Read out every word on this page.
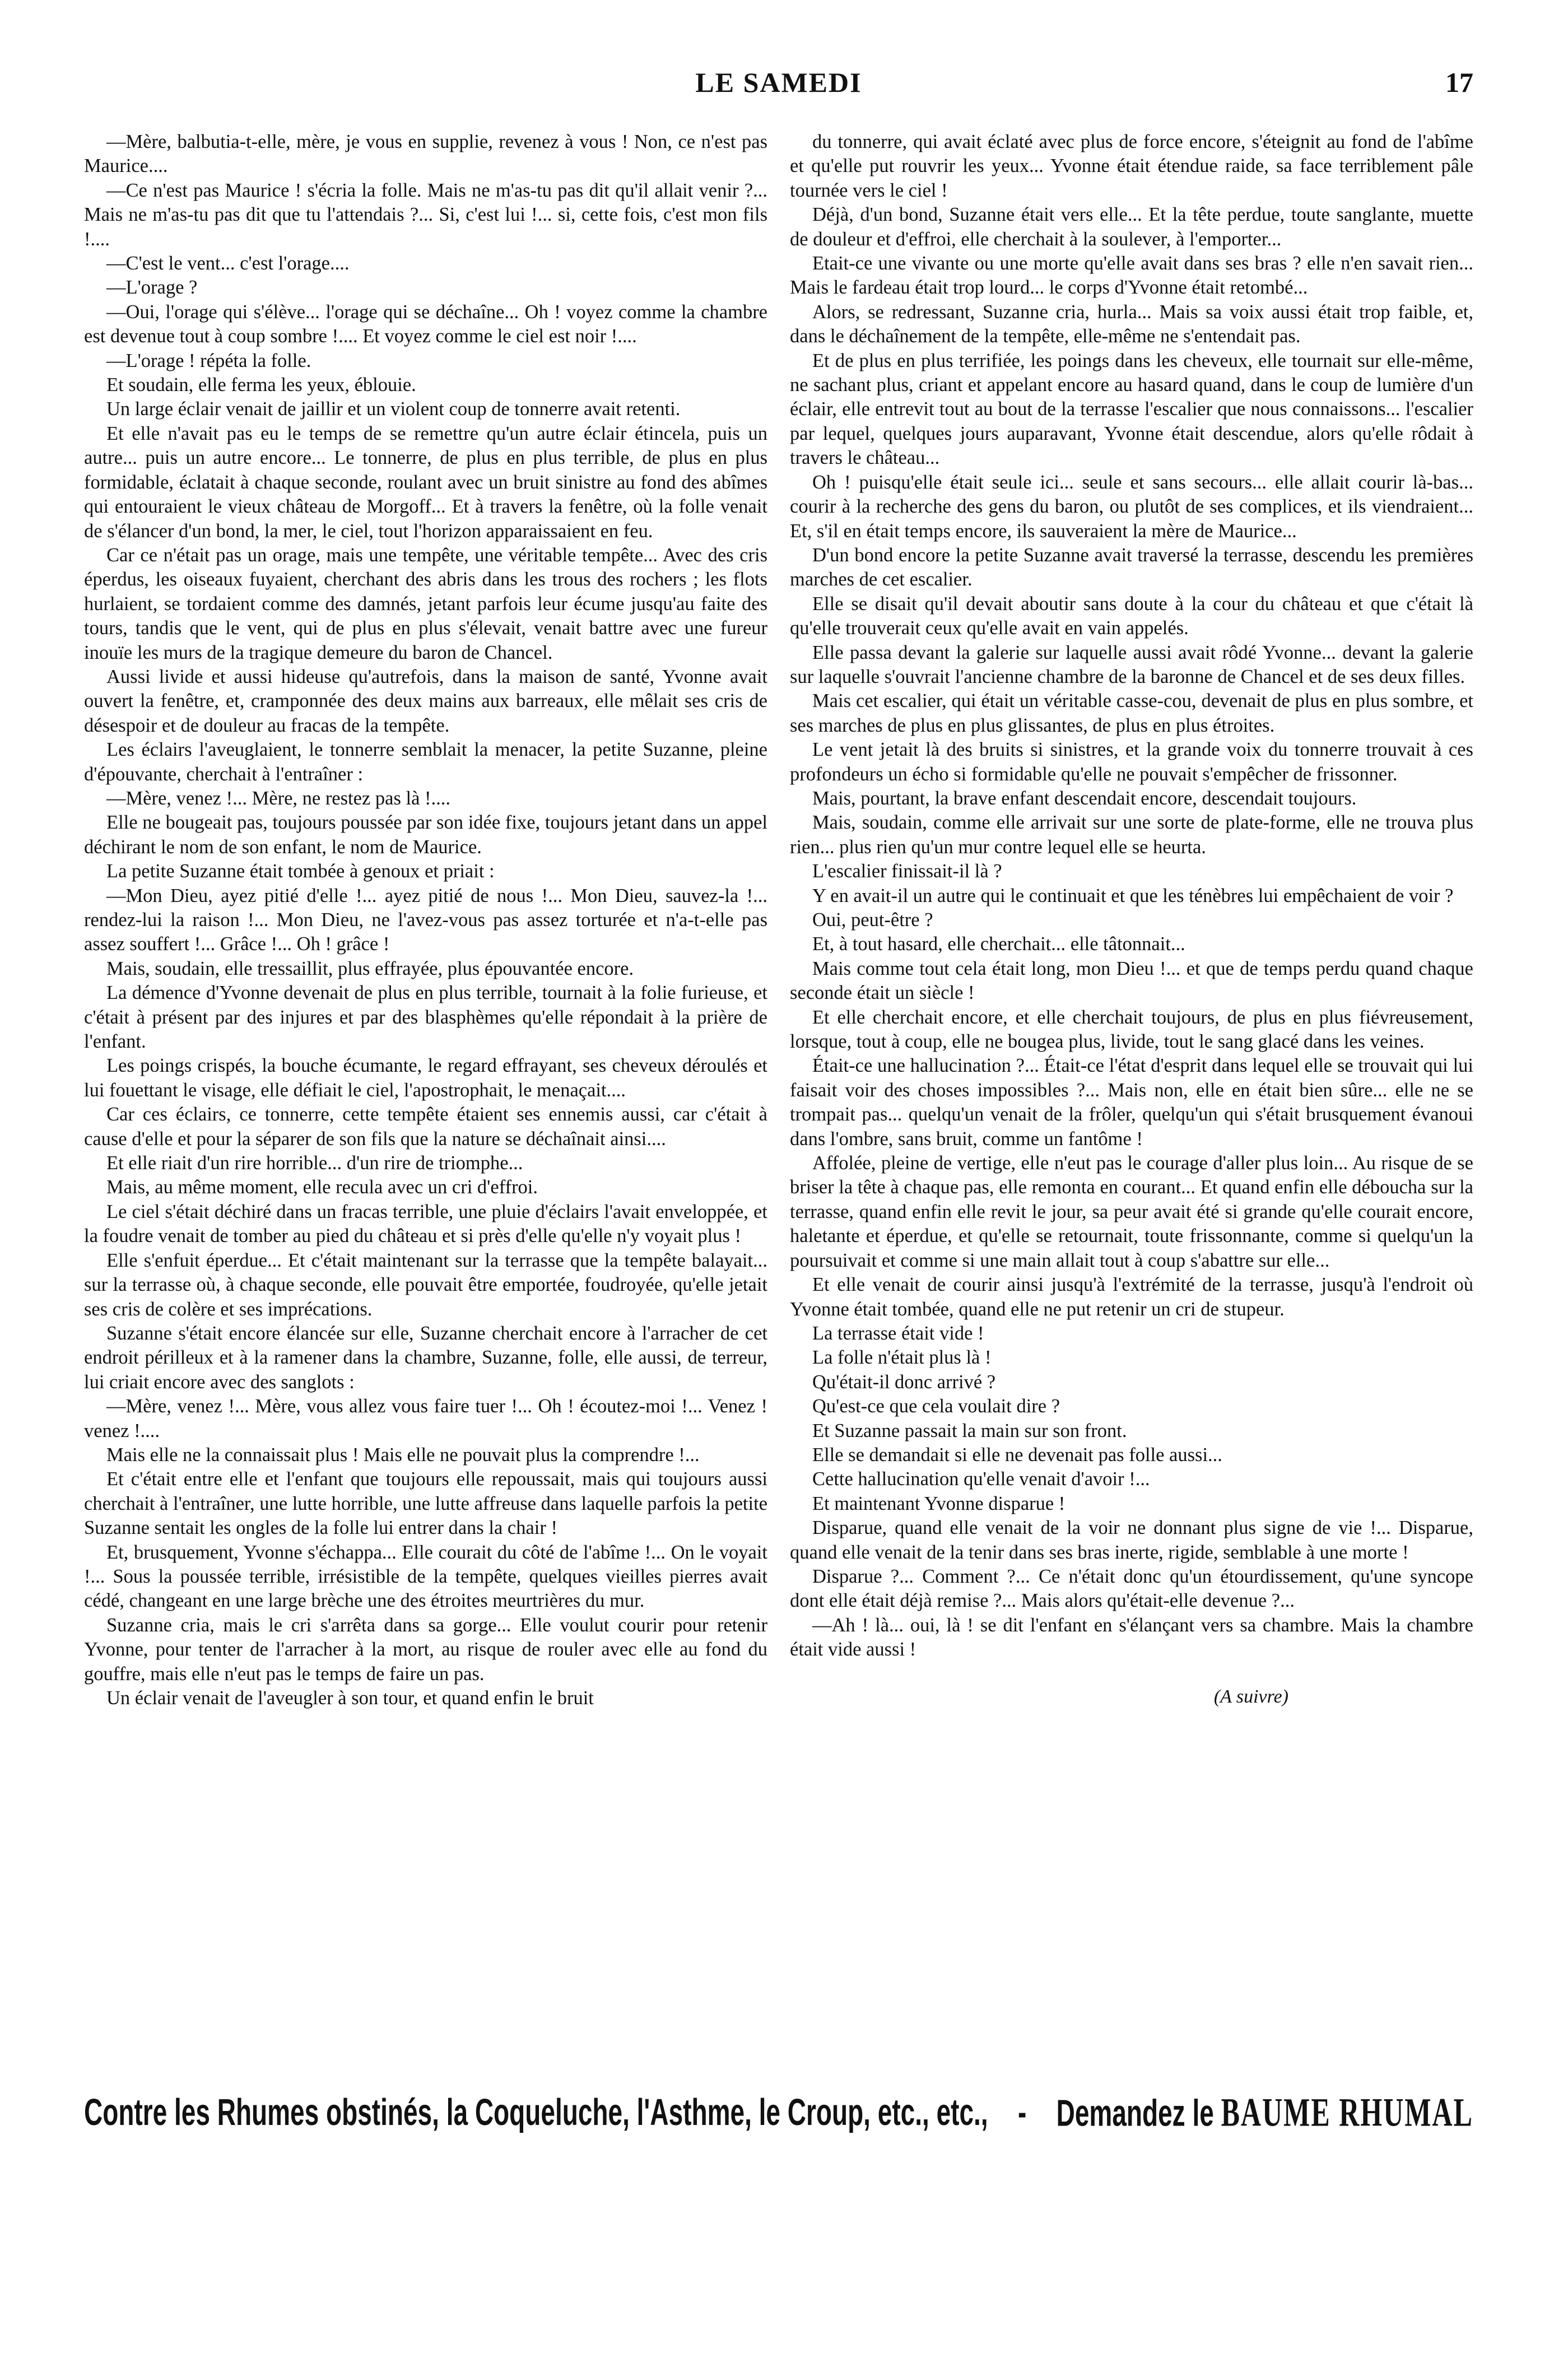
LE SAMEDI	17

—Mère, balbutia-t-elle, mère, je vous en supplie, revenez à vous ! Non, ce n'est pas Maurice....

—Ce n'est pas Maurice ! s'écria la folle. Mais ne m'as-tu pas dit qu'il allait venir ?... Mais ne m'as-tu pas dit que tu l'attendais ?... Si, c'est lui !... si, cette fois, c'est mon fils !....

—C'est le vent... c'est l'orage....

—L'orage ?

—Oui, l'orage qui s'élève... l'orage qui se déchaîne... Oh ! voyez comme la chambre est devenue tout à coup sombre !.... Et voyez comme le ciel est noir !....

—L'orage ! répéta la folle.

Et soudain, elle ferma les yeux, éblouie.

Un large éclair venait de jaillir et un violent coup de tonnerre avait retenti.

Et elle n'avait pas eu le temps de se remettre qu'un autre éclair étincela, puis un autre... puis un autre encore... Le tonnerre, de plus en plus terrible, de plus en plus formidable, éclatait à chaque seconde, roulant avec un bruit sinistre au fond des abîmes qui entouraient le vieux château de Morgoff... Et à travers la fenêtre, où la folle venait de s'élancer d'un bond, la mer, le ciel, tout l'horizon apparaissaient en feu.

Car ce n'était pas un orage, mais une tempête, une véritable tempête... Avec des cris éperdus, les oiseaux fuyaient, cherchant des abris dans les trous des rochers ; les flots hurlaient, se tordaient comme des damnés, jetant parfois leur écume jusqu'au faite des tours, tandis que le vent, qui de plus en plus s'élevait, venait battre avec une fureur inouïe les murs de la tragique demeure du baron de Chancel.

Aussi livide et aussi hideuse qu'autrefois, dans la maison de santé, Yvonne avait ouvert la fenêtre, et, cramponnée des deux mains aux barreaux, elle mêlait ses cris de désespoir et de douleur au fracas de la tempête.

Les éclairs l'aveuglaient, le tonnerre semblait la menacer, la petite Suzanne, pleine d'épouvante, cherchait à l'entraîner :

—Mère, venez !... Mère, ne restez pas là !....

Elle ne bougeait pas, toujours poussée par son idée fixe, toujours jetant dans un appel déchirant le nom de son enfant, le nom de Maurice.

La petite Suzanne était tombée à genoux et priait :

—Mon Dieu, ayez pitié d'elle !... ayez pitié de nous !... Mon Dieu, sauvez-la !... rendez-lui la raison !... Mon Dieu, ne l'avez-vous pas assez torturée et n'a-t-elle pas assez souffert !... Grâce !... Oh ! grâce !

Mais, soudain, elle tressaillit, plus effrayée, plus épouvantée encore.

La démence d'Yvonne devenait de plus en plus terrible, tournait à la folie furieuse, et c'était à présent par des injures et par des blasphèmes qu'elle répondait à la prière de l'enfant.

Les poings crispés, la bouche écumante, le regard effrayant, ses cheveux déroulés et lui fouettant le visage, elle défiait le ciel, l'apostrophait, le menaçait....

Car ces éclairs, ce tonnerre, cette tempête étaient ses ennemis aussi, car c'était à cause d'elle et pour la séparer de son fils que la nature se déchaînait ainsi....

Et elle riait d'un rire horrible... d'un rire de triomphe...

Mais, au même moment, elle recula avec un cri d'effroi.

Le ciel s'était déchiré dans un fracas terrible, une pluie d'éclairs l'avait enveloppée, et la foudre venait de tomber au pied du château et si près d'elle qu'elle n'y voyait plus !

Elle s'enfuit éperdue... Et c'était maintenant sur la terrasse que la tempête balayait... sur la terrasse où, à chaque seconde, elle pouvait être emportée, foudroyée, qu'elle jetait ses cris de colère et ses imprécations.

Suzanne s'était encore élancée sur elle, Suzanne cherchait encore à l'arracher de cet endroit périlleux et à la ramener dans la chambre, Suzanne, folle, elle aussi, de terreur, lui criait encore avec des sanglots :

—Mère, venez !... Mère, vous allez vous faire tuer !... Oh ! écoutez-moi !... Venez ! venez !....

Mais elle ne la connaissait plus ! Mais elle ne pouvait plus la comprendre !...

Et c'était entre elle et l'enfant que toujours elle repoussait, mais qui toujours aussi cherchait à l'entraîner, une lutte horrible, une lutte affreuse dans laquelle parfois la petite Suzanne sentait les ongles de la folle lui entrer dans la chair !

Et, brusquement, Yvonne s'échappa... Elle courait du côté de l'abîme !... On le voyait !... Sous la poussée terrible, irrésistible de la tempête, quelques vieilles pierres avait cédé, changeant en une large brèche une des étroites meurtrières du mur.

Suzanne cria, mais le cri s'arrêta dans sa gorge... Elle voulut courir pour retenir Yvonne, pour tenter de l'arracher à la mort, au risque de rouler avec elle au fond du gouffre, mais elle n'eut pas le temps de faire un pas.

Un éclair venait de l'aveugler à son tour, et quand enfin le bruit

du tonnerre, qui avait éclaté avec plus de force encore, s'éteignit au fond de l'abîme et qu'elle put rouvrir les yeux... Yvonne était étendue raide, sa face terriblement pâle tournée vers le ciel !

Déjà, d'un bond, Suzanne était vers elle... Et la tête perdue, toute sanglante, muette de douleur et d'effroi, elle cherchait à la soulever, à l'emporter...

Etait-ce une vivante ou une morte qu'elle avait dans ses bras ? elle n'en savait rien... Mais le fardeau était trop lourd... le corps d'Yvonne était retombé...

Alors, se redressant, Suzanne cria, hurla... Mais sa voix aussi était trop faible, et, dans le déchaînement de la tempête, elle-même ne s'entendait pas.

Et de plus en plus terrifiée, les poings dans les cheveux, elle tournait sur elle-même, ne sachant plus, criant et appelant encore au hasard quand, dans le coup de lumière d'un éclair, elle entrevit tout au bout de la terrasse l'escalier que nous connaissons... l'escalier par lequel, quelques jours auparavant, Yvonne était descendue, alors qu'elle rôdait à travers le château...

Oh ! puisqu'elle était seule ici... seule et sans secours... elle allait courir là-bas... courir à la recherche des gens du baron, ou plutôt de ses complices, et ils viendraient... Et, s'il en était temps encore, ils sauveraient la mère de Maurice...

D'un bond encore la petite Suzanne avait traversé la terrasse, descendu les premières marches de cet escalier.

Elle se disait qu'il devait aboutir sans doute à la cour du château et que c'était là qu'elle trouverait ceux qu'elle avait en vain appelés.

Elle passa devant la galerie sur laquelle aussi avait rôdé Yvonne... devant la galerie sur laquelle s'ouvrait l'ancienne chambre de la baronne de Chancel et de ses deux filles.

Mais cet escalier, qui était un véritable casse-cou, devenait de plus en plus sombre, et ses marches de plus en plus glissantes, de plus en plus étroites.

Le vent jetait là des bruits si sinistres, et la grande voix du tonnerre trouvait à ces profondeurs un écho si formidable qu'elle ne pouvait s'empêcher de frissonner.

Mais, pourtant, la brave enfant descendait encore, descendait toujours.

Mais, soudain, comme elle arrivait sur une sorte de plate-forme, elle ne trouva plus rien... plus rien qu'un mur contre lequel elle se heurta.

L'escalier finissait-il là ?

Y en avait-il un autre qui le continuait et que les ténèbres lui empêchaient de voir ?

Oui, peut-être ?

Et, à tout hasard, elle cherchait... elle tâtonnait...

Mais comme tout cela était long, mon Dieu !... et que de temps perdu quand chaque seconde était un siècle !

Et elle cherchait encore, et elle cherchait toujours, de plus en plus fiévreusement, lorsque, tout à coup, elle ne bougea plus, livide, tout le sang glacé dans les veines.

Était-ce une hallucination ?... Était-ce l'état d'esprit dans lequel elle se trouvait qui lui faisait voir des choses impossibles ?... Mais non, elle en était bien sûre... elle ne se trompait pas... quelqu'un venait de la frôler, quelqu'un qui s'était brusquement évanoui dans l'ombre, sans bruit, comme un fantôme !

Affolée, pleine de vertige, elle n'eut pas le courage d'aller plus loin... Au risque de se briser la tête à chaque pas, elle remonta en courant... Et quand enfin elle déboucha sur la terrasse, quand enfin elle revit le jour, sa peur avait été si grande qu'elle courait encore, haletante et éperdue, et qu'elle se retournait, toute frissonnante, comme si quelqu'un la poursuivait et comme si une main allait tout à coup s'abattre sur elle...

Et elle venait de courir ainsi jusqu'à l'extrémité de la terrasse, jusqu'à l'endroit où Yvonne était tombée, quand elle ne put retenir un cri de stupeur.

La terrasse était vide !

La folle n'était plus là !

Qu'était-il donc arrivé ?

Qu'est-ce que cela voulait dire ?

Et Suzanne passait la main sur son front.

Elle se demandait si elle ne devenait pas folle aussi...

Cette hallucination qu'elle venait d'avoir !...

Et maintenant Yvonne disparue !

Disparue, quand elle venait de la voir ne donnant plus signe de vie !... Disparue, quand elle venait de la tenir dans ses bras inerte, rigide, semblable à une morte !

Disparue ?... Comment ?... Ce n'était donc qu'un étourdissement, qu'une syncope dont elle était déjà remise ?... Mais alors qu'était-elle devenue ?...

—Ah ! là... oui, là ! se dit l'enfant en s'élançant vers sa chambre. Mais la chambre était vide aussi !

(A suivre)

Contre les Rhumes obstinés, la Coqueluche, l'Asthme, le Croup, etc., etc.,	-	Demandez le BAUME RHUMAL
